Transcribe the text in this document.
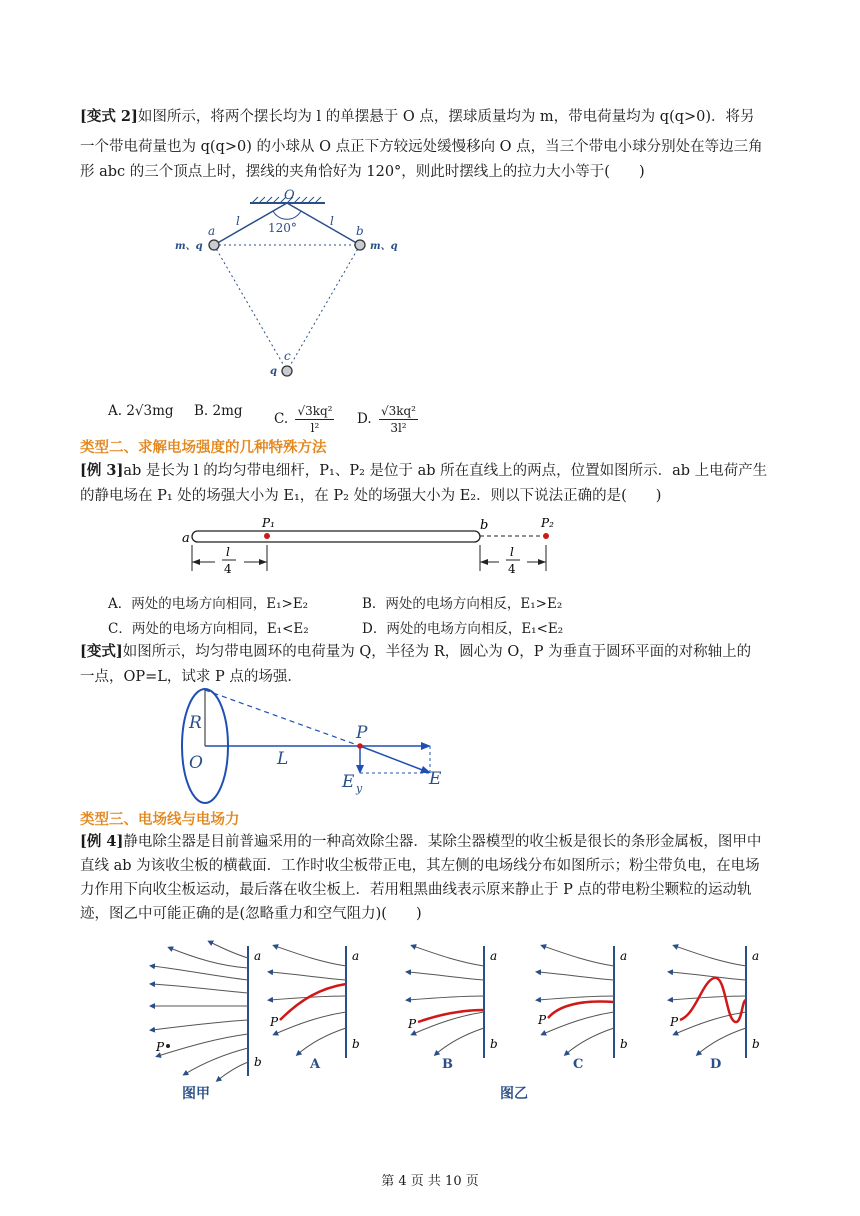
[变式 2]如图所示，将两个摆长均为 l 的单摆悬于 O 点，摆球质量均为 m，带电荷量均为 q(q>0)．将另
一个带电荷量也为 q(q>0) 的小球从 O 点正下方较远处缓慢移向 O 点，当三个带电小球分别处在等边三角
形 abc 的三个顶点上时，摆线的夹角恰好为 120°，则此时摆线上的拉力大小等于(　　)
O
120°
l	l
a	b
c
m、q	m、q
q
A. 2√3mg B. 2mg C. $\frac{\text{√3kq²}}{\text{l²}} D$. $\frac{\text{√3kq²}}{\text{3l²}}$
类型二、求解电场强度的几种特殊方法
[例 3]ab 是长为 l 的均匀带电细杆，P₁、P₂ 是位于 ab 所在直线上的两点，位置如图所示．ab 上电荷产生
的静电场在 P₁ 处的场强大小为 E₁，在 P₂ 处的场强大小为 E₂．则以下说法正确的是(　　)
a
P₁	b	P₂
l
4
l
4
A．两处的电场方向相同，E₁>E₂	B．两处的电场方向相反，E₁>E₂
C．两处的电场方向相同，E₁<E₂	D．两处的电场方向相反，E₁<E₂
[变式]如图所示，均匀带电圆环的电荷量为 Q，半径为 R，圆心为 O，P 为垂直于圆环平面的对称轴上的
一点，OP=L，试求 P 点的场强．
R
O
P
L
E
E y
类型三、电场线与电场力
[例 4]静电除尘器是目前普遍采用的一种高效除尘器．某除尘器模型的收尘板是很长的条形金属板，图甲中
直线 ab 为该收尘板的横截面．工作时收尘板带正电，其左侧的电场线分布如图所示；粉尘带负电，在电场
力作用下向收尘板运动，最后落在收尘板上．若用粗黑曲线表示原来静止于 P 点的带电粉尘颗粒的运动轨
迹，图乙中可能正确的是(忽略重力和空气阻力)(　　)
P
a
b
图甲
P
a
b
A
P
a
b
B
P
a
b
C
P
a
b
D
图乙
第 4 页 共 10 页
